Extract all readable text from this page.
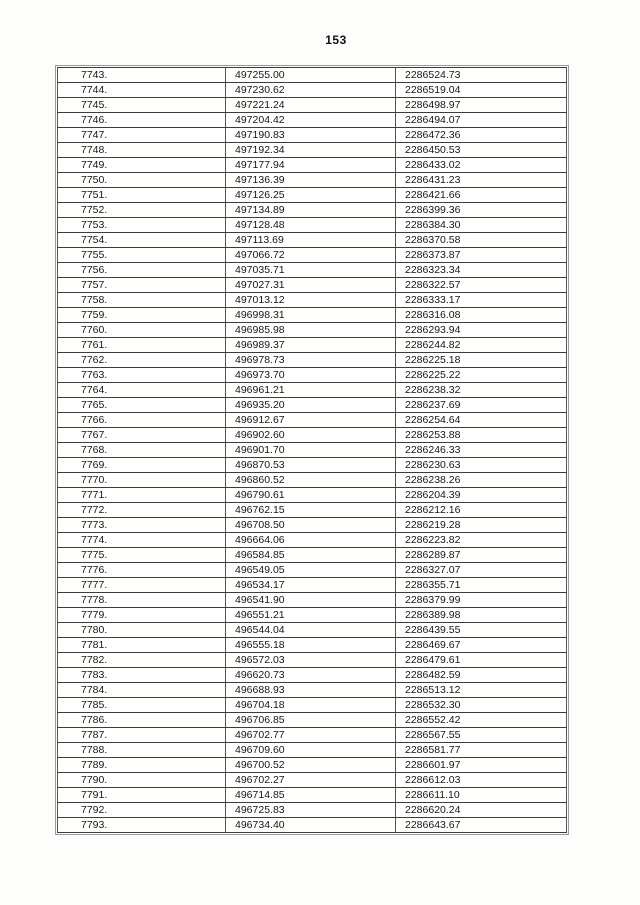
153
7743.	497255.00	2286524.73
7744.	497230.62	2286519.04
7745.	497221.24	2286498.97
7746.	497204.42	2286494.07
7747.	497190.83	2286472.36
7748.	497192.34	2286450.53
7749.	497177.94	2286433.02
7750.	497136.39	2286431.23
7751.	497126.25	2286421.66
7752.	497134.89	2286399.36
7753.	497128.48	2286384.30
7754.	497113.69	2286370.58
7755.	497066.72	2286373.87
7756.	497035.71	2286323.34
7757.	497027.31	2286322.57
7758.	497013.12	2286333.17
7759.	496998.31	2286316.08
7760.	496985.98	2286293.94
7761.	496989.37	2286244.82
7762.	496978.73	2286225.18
7763.	496973.70	2286225.22
7764.	496961.21	2286238.32
7765.	496935.20	2286237.69
7766.	496912.67	2286254.64
7767.	496902.60	2286253.88
7768.	496901.70	2286246.33
7769.	496870.53	2286230.63
7770.	496860.52	2286238.26
7771.	496790.61	2286204.39
7772.	496762.15	2286212.16
7773.	496708.50	2286219.28
7774.	496664.06	2286223.82
7775.	496584.85	2286289.87
7776.	496549.05	2286327.07
7777.	496534.17	2286355.71
7778.	496541.90	2286379.99
7779.	496551.21	2286389.98
7780.	496544.04	2286439.55
7781.	496555.18	2286469.67
7782.	496572.03	2286479.61
7783.	496620.73	2286482.59
7784.	496688.93	2286513.12
7785.	496704.18	2286532.30
7786.	496706.85	2286552.42
7787.	496702.77	2286567.55
7788.	496709.60	2286581.77
7789.	496700.52	2286601.97
7790.	496702.27	2286612.03
7791.	496714.85	2286611.10
7792.	496725.83	2286620.24
7793.	496734.40	2286643.67
